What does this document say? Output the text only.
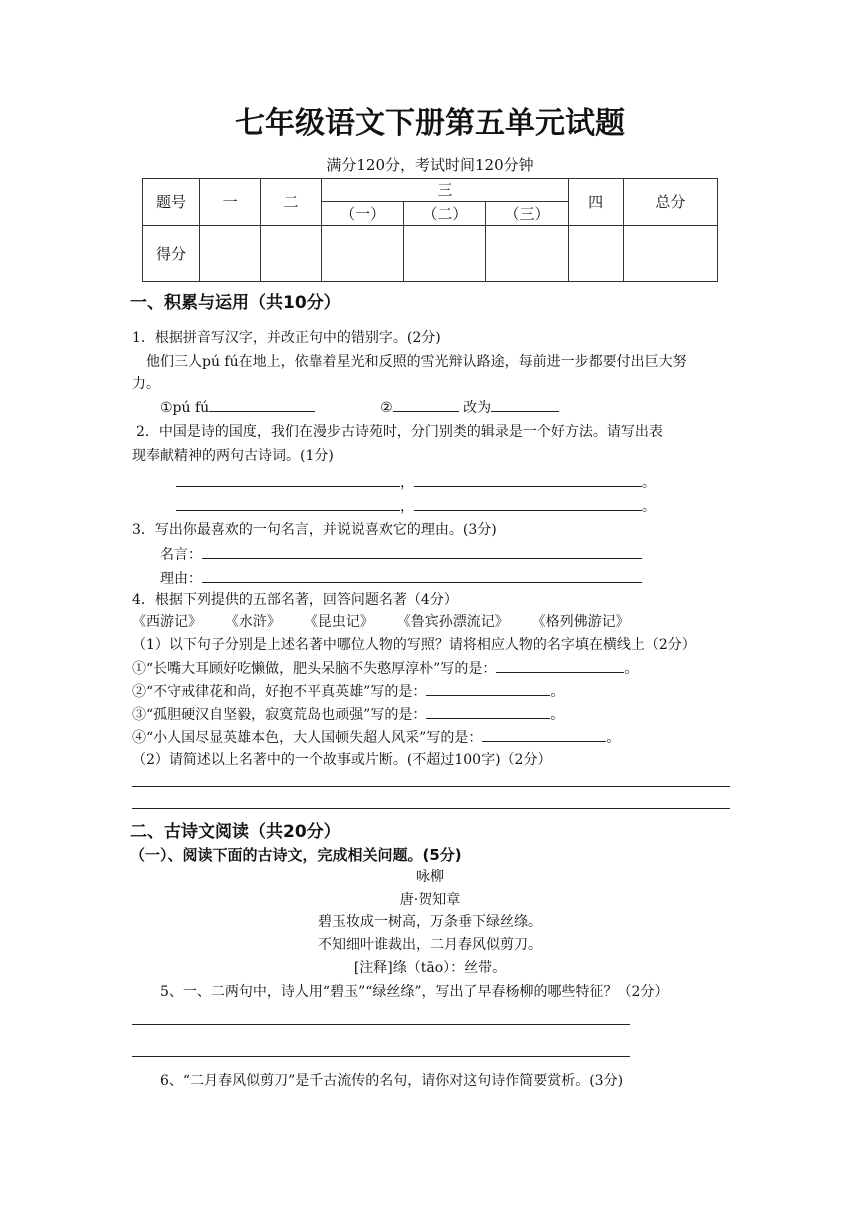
七年级语文下册第五单元试题
满分120分，考试时间120分钟
题号	一	二	三			四	总分
			（一）	（二）	（三）		
得分							
一、积累与运用（共10分）
1．根据拼音写汉字，并改正句中的错别字。(2分)
他们三人pú fú在地上，依靠着星光和反照的雪光辩认路途，每前进一步都要付出巨大努
力。
①pú fú	②	改为
2．中国是诗的国度，我们在漫步古诗苑时，分门别类的辑录是一个好方法。请写出表
现奉献精神的两句古诗词。(1分)
，	。
，	。
3．写出你最喜欢的一句名言，并说说喜欢它的理由。(3分)
名言：
理由：
4．根据下列提供的五部名著，回答问题名著（4分）
《西游记》 《水浒》 《昆虫记》 《鲁宾孙漂流记》 《格列佛游记》
（1）以下句子分别是上述名著中哪位人物的写照？请将相应人物的名字填在横线上（2分）
①“长嘴大耳顾好吃懒做，肥头呆脑不失憨厚淳朴”写的是：	。
②“不守戒律花和尚，好抱不平真英雄”写的是：	。
③“孤胆硬汉自坚毅，寂寞荒岛也顽强”写的是：	。
④“小人国尽显英雄本色，大人国顿失超人风采”写的是：	。
（2）请简述以上名著中的一个故事或片断。(不超过100字)（2分）
二、古诗文阅读（共20分）
（一）、阅读下面的古诗文，完成相关问题。(5分)
咏柳
唐·贺知章
碧玉妆成一树高，万条垂下绿丝绦。
不知细叶谁裁出，二月春风似剪刀。
[注释]绦（tāo）：丝带。
5、一、二两句中，诗人用“碧玉”“绿丝绦”，写出了早春杨柳的哪些特征？（2分）
6、“二月春风似剪刀”是千古流传的名句，请你对这句诗作简要赏析。(3分)
